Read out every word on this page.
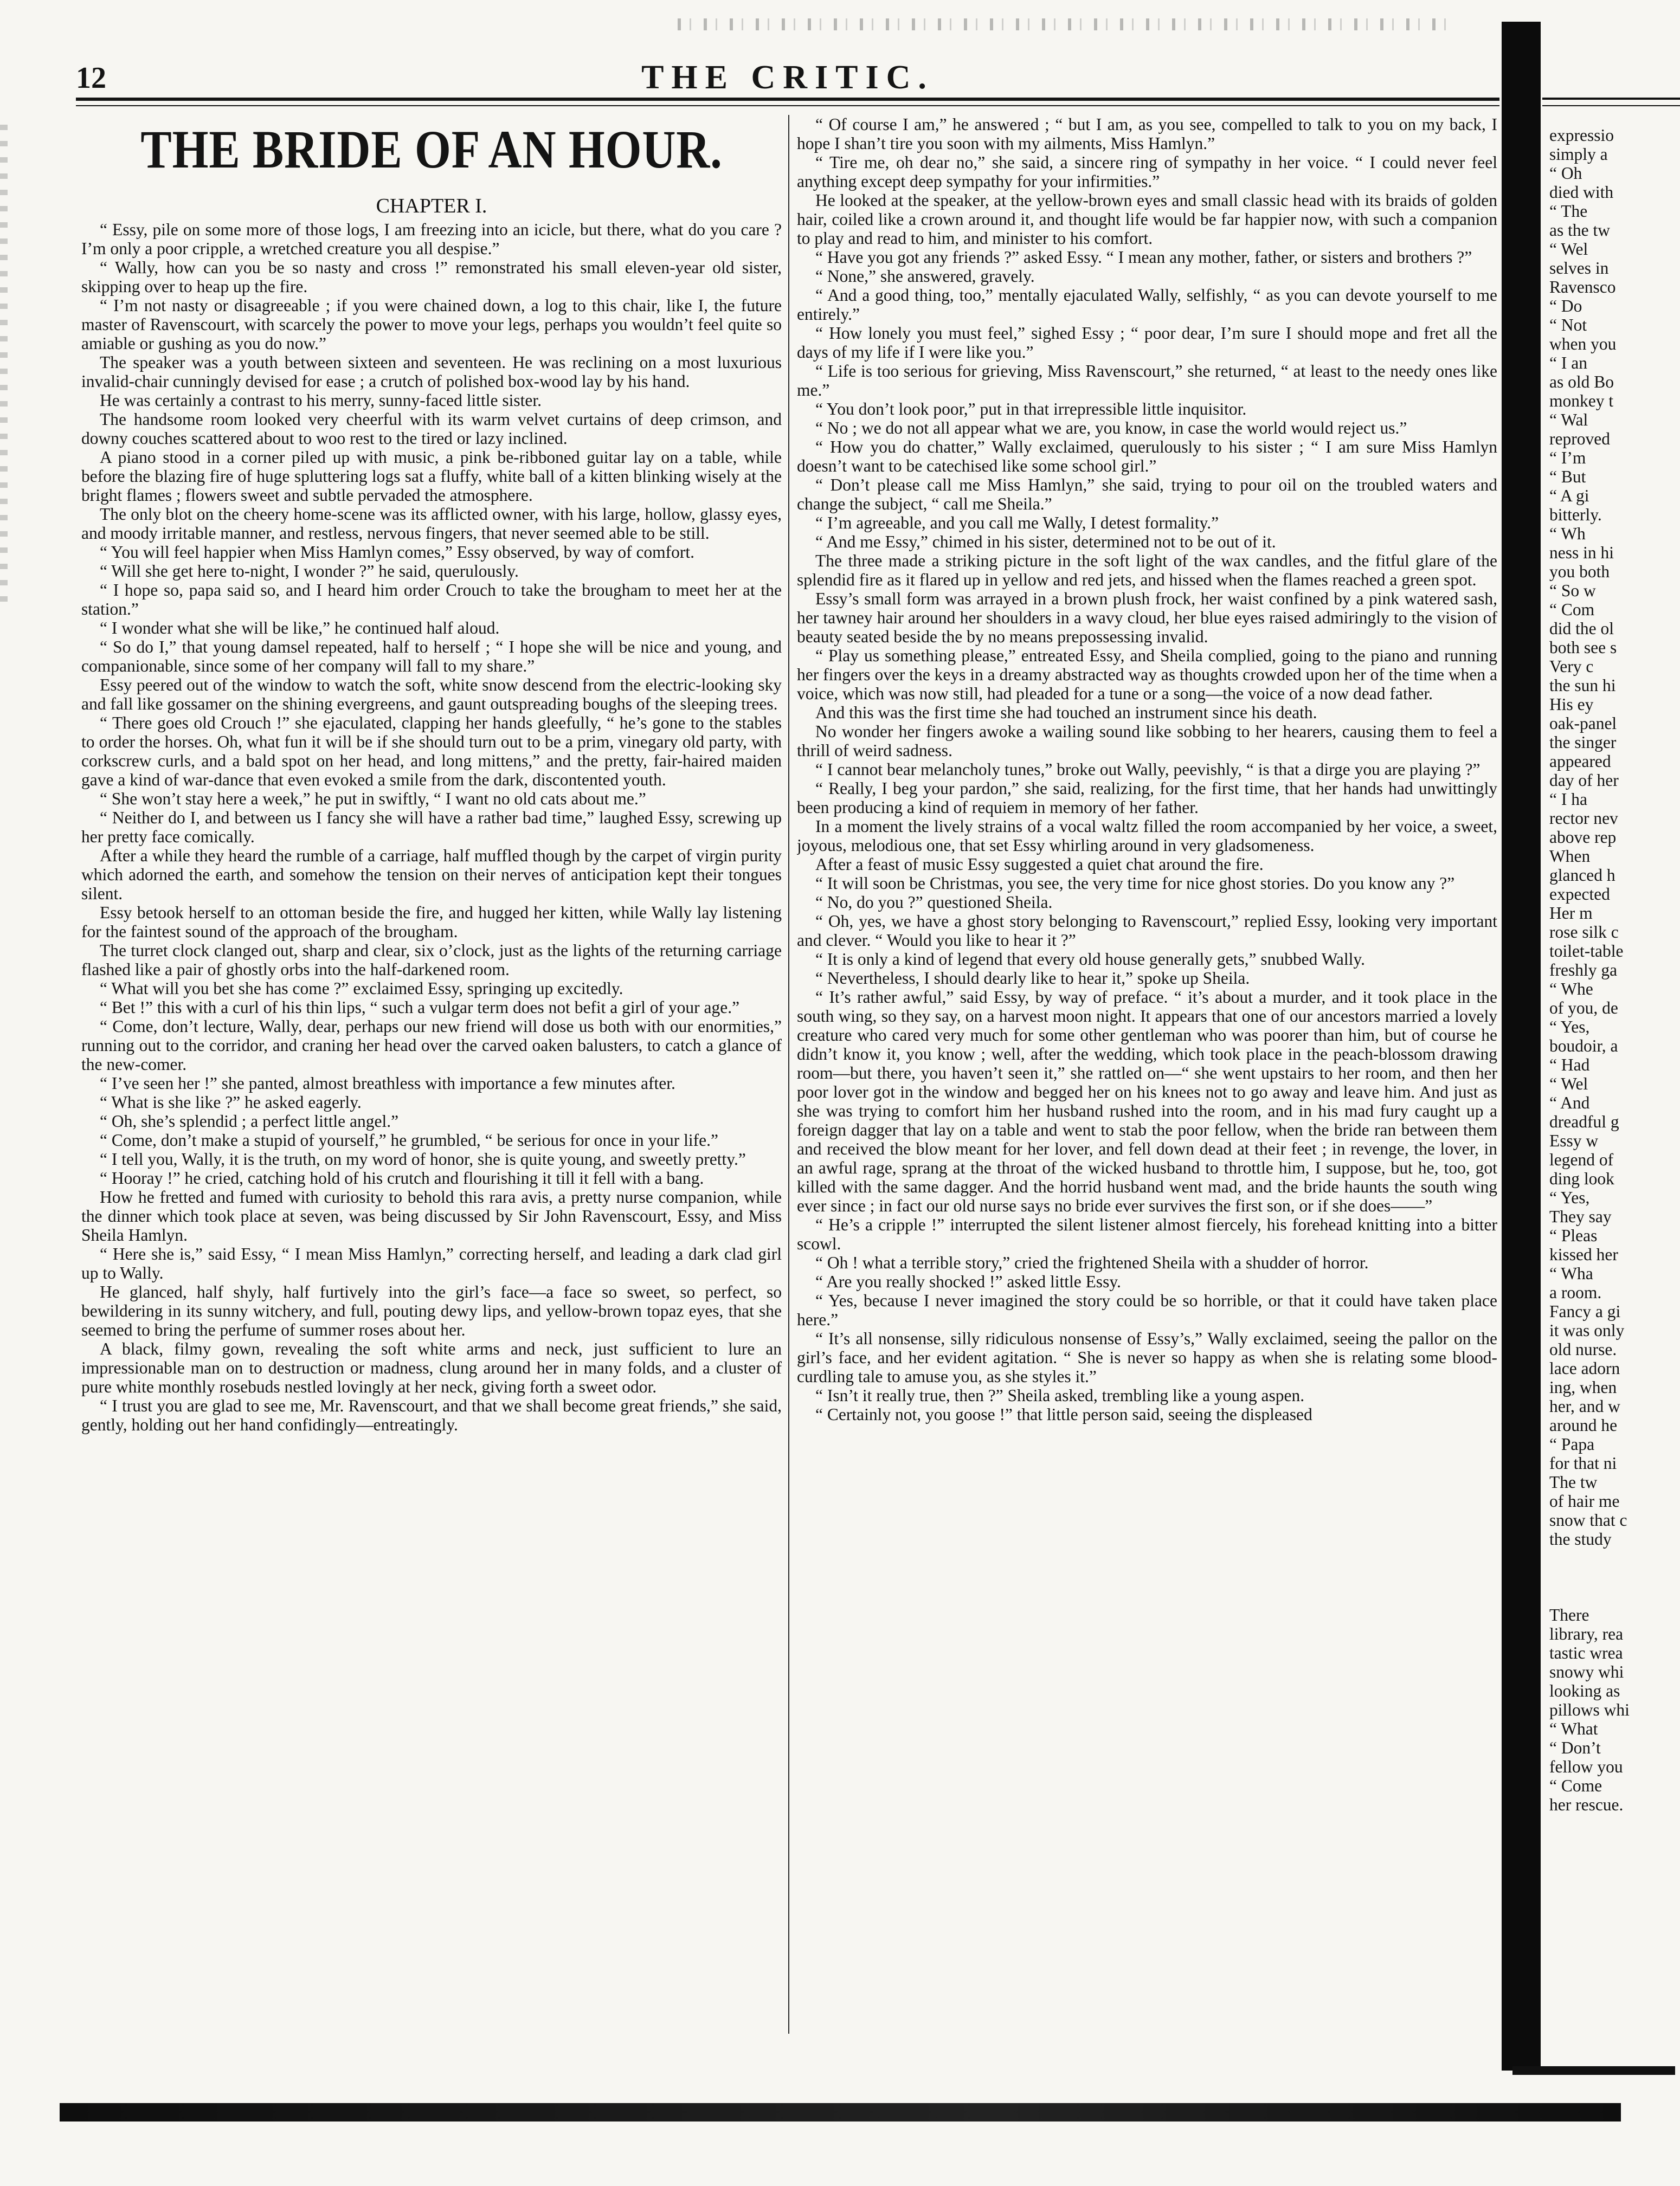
12	THE CRITIC.
THE BRIDE OF AN HOUR.
CHAPTER I.

“ Essy, pile on some more of those logs, I am freezing into an icicle, but there, what do you care ? I’m only a poor cripple, a wretched creature you all despise.”

“ Wally, how can you be so nasty and cross !” remonstrated his small eleven-year old sister, skipping over to heap up the fire.

“ I’m not nasty or disagreeable ; if you were chained down, a log to this chair, like I, the future master of Ravenscourt, with scarcely the power to move your legs, perhaps you wouldn’t feel quite so amiable or gushing as you do now.”

The speaker was a youth between sixteen and seventeen. He was reclining on a most luxurious invalid-chair cunningly devised for ease ; a crutch of polished box-wood lay by his hand.

He was certainly a contrast to his merry, sunny-faced little sister.

The handsome room looked very cheerful with its warm velvet curtains of deep crimson, and downy couches scattered about to woo rest to the tired or lazy inclined.

A piano stood in a corner piled up with music, a pink be-ribboned guitar lay on a table, while before the blazing fire of huge spluttering logs sat a fluffy, white ball of a kitten blinking wisely at the bright flames ; flowers sweet and subtle pervaded the atmosphere.

The only blot on the cheery home-scene was its afflicted owner, with his large, hollow, glassy eyes, and moody irritable manner, and restless, nervous fingers, that never seemed able to be still.

“ You will feel happier when Miss Hamlyn comes,” Essy observed, by way of comfort.

“ Will she get here to-night, I wonder ?” he said, querulously.

“ I hope so, papa said so, and I heard him order Crouch to take the brougham to meet her at the station.”

“ I wonder what she will be like,” he continued half aloud.

“ So do I,” that young damsel repeated, half to herself ; “ I hope she will be nice and young, and companionable, since some of her company will fall to my share.”

Essy peered out of the window to watch the soft, white snow descend from the electric-looking sky and fall like gossamer on the shining evergreens, and gaunt outspreading boughs of the sleeping trees.

“ There goes old Crouch !” she ejaculated, clapping her hands gleefully, “ he’s gone to the stables to order the horses. Oh, what fun it will be if she should turn out to be a prim, vinegary old party, with corkscrew curls, and a bald spot on her head, and long mittens,” and the pretty, fair-haired maiden gave a kind of war-dance that even evoked a smile from the dark, discontented youth.

“ She won’t stay here a week,” he put in swiftly, “ I want no old cats about me.”

“ Neither do I, and between us I fancy she will have a rather bad time,” laughed Essy, screwing up her pretty face comically.

After a while they heard the rumble of a carriage, half muffled though by the carpet of virgin purity which adorned the earth, and somehow the tension on their nerves of anticipation kept their tongues silent.

Essy betook herself to an ottoman beside the fire, and hugged her kitten, while Wally lay listening for the faintest sound of the approach of the brougham.

The turret clock clanged out, sharp and clear, six o’clock, just as the lights of the returning carriage flashed like a pair of ghostly orbs into the half-darkened room.

“ What will you bet she has come ?” exclaimed Essy, springing up excitedly.

“ Bet !” this with a curl of his thin lips, “ such a vulgar term does not befit a girl of your age.”

“ Come, don’t lecture, Wally, dear, perhaps our new friend will dose us both with our enormities,” running out to the corridor, and craning her head over the carved oaken balusters, to catch a glance of the new-comer.

“ I’ve seen her !” she panted, almost breathless with importance a few minutes after.

“ What is she like ?” he asked eagerly.

“ Oh, she’s splendid ; a perfect little angel.”

“ Come, don’t make a stupid of yourself,” he grumbled, “ be serious for once in your life.”

“ I tell you, Wally, it is the truth, on my word of honor, she is quite young, and sweetly pretty.”

“ Hooray !” he cried, catching hold of his crutch and flourishing it till it fell with a bang.

How he fretted and fumed with curiosity to behold this rara avis, a pretty nurse companion, while the dinner which took place at seven, was being discussed by Sir John Ravenscourt, Essy, and Miss Sheila Hamlyn.

“ Here she is,” said Essy, “ I mean Miss Hamlyn,” correcting herself, and leading a dark clad girl up to Wally.

He glanced, half shyly, half furtively into the girl’s face—a face so sweet, so perfect, so bewildering in its sunny witchery, and full, pouting dewy lips, and yellow-brown topaz eyes, that she seemed to bring the perfume of summer roses about her.

A black, filmy gown, revealing the soft white arms and neck, just sufficient to lure an impressionable man on to destruction or madness, clung around her in many folds, and a cluster of pure white monthly rosebuds nestled lovingly at her neck, giving forth a sweet odor.

“ I trust you are glad to see me, Mr. Ravenscourt, and that we shall become great friends,” she said, gently, holding out her hand confidingly—entreatingly.

“ Of course I am,” he answered ; “ but I am, as you see, compelled to talk to you on my back, I hope I shan’t tire you soon with my ailments, Miss Hamlyn.”

“ Tire me, oh dear no,” she said, a sincere ring of sympathy in her voice. “ I could never feel anything except deep sympathy for your infirmities.”

He looked at the speaker, at the yellow-brown eyes and small classic head with its braids of golden hair, coiled like a crown around it, and thought life would be far happier now, with such a companion to play and read to him, and minister to his comfort.

“ Have you got any friends ?” asked Essy. “ I mean any mother, father, or sisters and brothers ?”

“ None,” she answered, gravely.

“ And a good thing, too,” mentally ejaculated Wally, selfishly, “ as you can devote yourself to me entirely.”

“ How lonely you must feel,” sighed Essy ; “ poor dear, I’m sure I should mope and fret all the days of my life if I were like you.”

“ Life is too serious for grieving, Miss Ravenscourt,” she returned, “ at least to the needy ones like me.”

“ You don’t look poor,” put in that irrepressible little inquisitor.

“ No ; we do not all appear what we are, you know, in case the world would reject us.”

“ How you do chatter,” Wally exclaimed, querulously to his sister ; “ I am sure Miss Hamlyn doesn’t want to be catechised like some school girl.”

“ Don’t please call me Miss Hamlyn,” she said, trying to pour oil on the troubled waters and change the subject, “ call me Sheila.”

“ I’m agreeable, and you call me Wally, I detest formality.”

“ And me Essy,” chimed in his sister, determined not to be out of it.

The three made a striking picture in the soft light of the wax candles, and the fitful glare of the splendid fire as it flared up in yellow and red jets, and hissed when the flames reached a green spot.

Essy’s small form was arrayed in a brown plush frock, her waist confined by a pink watered sash, her tawney hair around her shoulders in a wavy cloud, her blue eyes raised admiringly to the vision of beauty seated beside the by no means prepossessing invalid.

“ Play us something please,” entreated Essy, and Sheila complied, going to the piano and running her fingers over the keys in a dreamy abstracted way as thoughts crowded upon her of the time when a voice, which was now still, had pleaded for a tune or a song—the voice of a now dead father.

And this was the first time she had touched an instrument since his death.

No wonder her fingers awoke a wailing sound like sobbing to her hearers, causing them to feel a thrill of weird sadness.

“ I cannot bear melancholy tunes,” broke out Wally, peevishly, “ is that a dirge you are playing ?”

“ Really, I beg your pardon,” she said, realizing, for the first time, that her hands had unwittingly been producing a kind of requiem in memory of her father.

In a moment the lively strains of a vocal waltz filled the room accompanied by her voice, a sweet, joyous, melodious one, that set Essy whirling around in very gladsomeness.

After a feast of music Essy suggested a quiet chat around the fire.

“ It will soon be Christmas, you see, the very time for nice ghost stories. Do you know any ?”

“ No, do you ?” questioned Sheila.

“ Oh, yes, we have a ghost story belonging to Ravenscourt,” replied Essy, looking very important and clever. “ Would you like to hear it ?”

“ It is only a kind of legend that every old house generally gets,” snubbed Wally.

“ Nevertheless, I should dearly like to hear it,” spoke up Sheila.

“ It’s rather awful,” said Essy, by way of preface. “ it’s about a murder, and it took place in the south wing, so they say, on a harvest moon night. It appears that one of our ancestors married a lovely creature who cared very much for some other gentleman who was poorer than him, but of course he didn’t know it, you know ; well, after the wedding, which took place in the peach-blossom drawing room—but there, you haven’t seen it,” she rattled on—“ she went upstairs to her room, and then her poor lover got in the window and begged her on his knees not to go away and leave him. And just as she was trying to comfort him her husband rushed into the room, and in his mad fury caught up a foreign dagger that lay on a table and went to stab the poor fellow, when the bride ran between them and received the blow meant for her lover, and fell down dead at their feet ; in revenge, the lover, in an awful rage, sprang at the throat of the wicked husband to throttle him, I suppose, but he, too, got killed with the same dagger. And the horrid husband went mad, and the bride haunts the south wing ever since ; in fact our old nurse says no bride ever survives the first son, or if she does——”

“ He’s a cripple !” interrupted the silent listener almost fiercely, his forehead knitting into a bitter scowl.

“ Oh ! what a terrible story,” cried the frightened Sheila with a shudder of horror.

“ Are you really shocked !” asked little Essy.

“ Yes, because I never imagined the story could be so horrible, or that it could have taken place here.”

“ It’s all nonsense, silly ridiculous nonsense of Essy’s,” Wally exclaimed, seeing the pallor on the girl’s face, and her evident agitation. “ She is never so happy as when she is relating some blood-curdling tale to amuse you, as she styles it.”

“ Isn’t it really true, then ?” Sheila asked, trembling like a young aspen.

“ Certainly not, you goose !” that little person said, seeing the displeased

expressio
simply a
“ Oh
died with
“ The
as the tw
“ Wel
selves in
Ravensco
“ Do
“ Not
when you
“ I an
as old Bo
monkey t
“ Wal
reproved
“ I’m
“ But
“ A gi
bitterly.
“ Wh
ness in hi
you both
“ So w
“ Com
did the ol
both see s
Very c
the sun hi
His ey
oak-panel
the singer
appeared
day of her
“ I ha
rector nev
above rep
When
glanced h
expected
Her m
rose silk c
toilet-table
freshly ga
“ Whe
of you, de
“ Yes,
boudoir, a
“ Had
“ Wel
“ And
dreadful g
Essy w
legend of
ding look
“ Yes,
They say
“ Pleas
kissed her
“ Wha
a room.
Fancy a gi
it was only
old nurse.
lace adorn
ing, when
her, and w
around he
“ Papa
for that ni
The tw
of hair me
snow that c
the study
There
library, rea
tastic wrea
snowy whi
looking as
pillows whi
“ What
“ Don’t
fellow you
“ Come
her rescue.
